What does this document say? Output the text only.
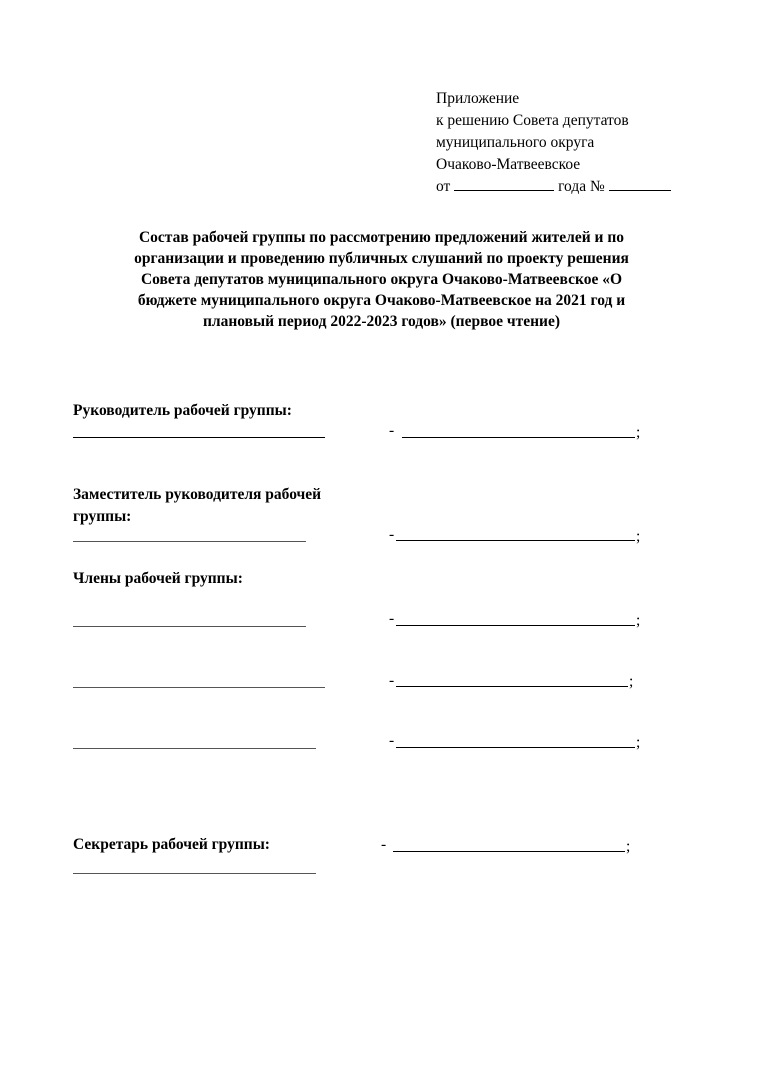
Приложение
к решению Совета депутатов
муниципального округа
Очаково-Матвеевское
от	года №
Состав рабочей группы по рассмотрению предложений жителей и по
организации и проведению публичных слушаний по проекту решения
Совета депутатов муниципального округа Очаково-Матвеевское «О
бюджете муниципального округа Очаково-Матвеевское на 2021 год и
плановый период 2022-2023 годов» (первое чтение)
Руководитель рабочей группы:
-	;
Заместитель руководителя рабочей
группы:
-	;
Члены рабочей группы:
-	;
-	;
-	;
Секретарь рабочей группы:	-	;
